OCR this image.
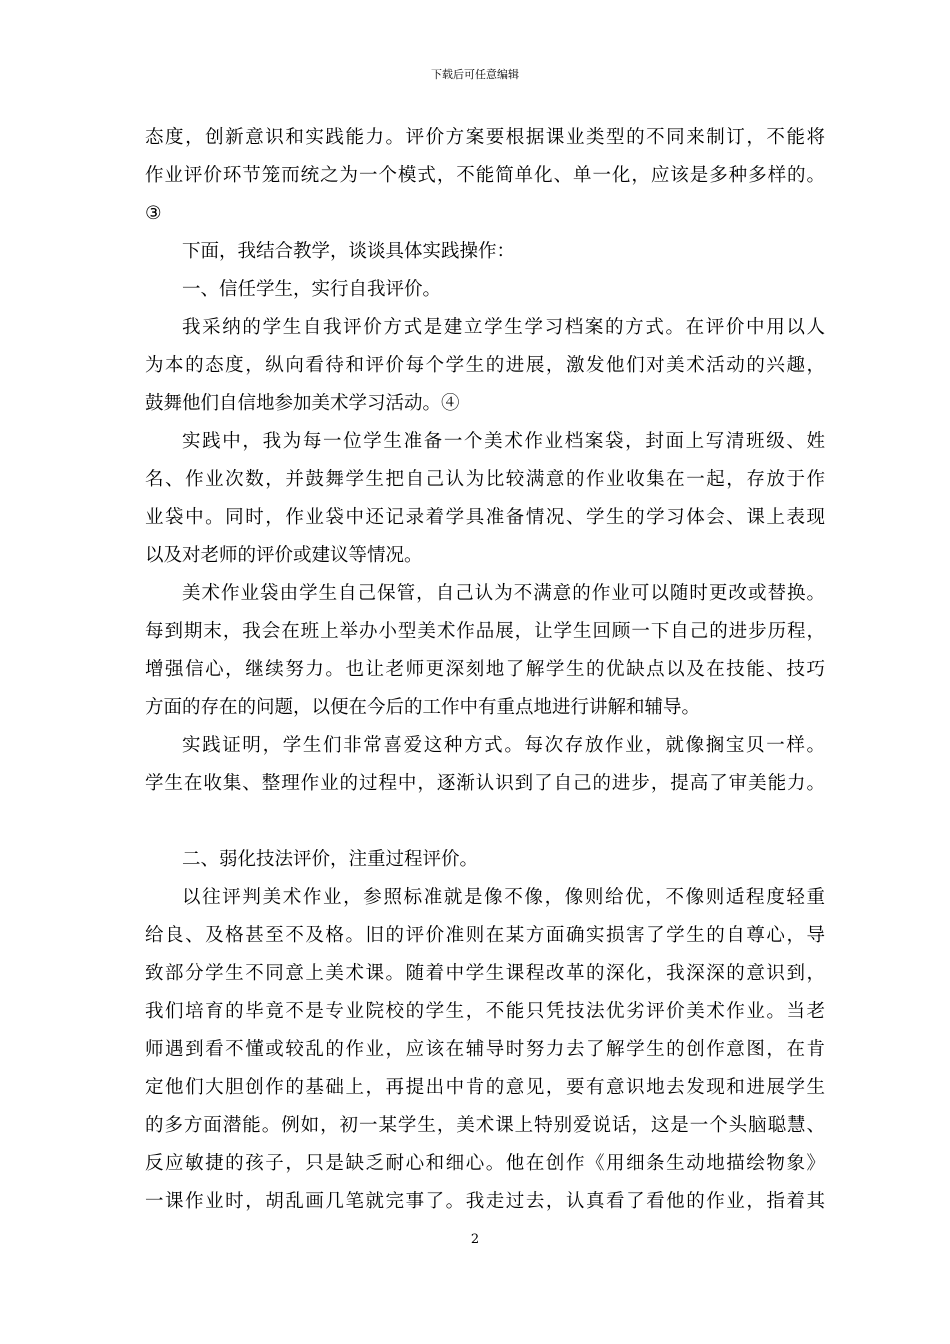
下载后可任意编辑
态度，创新意识和实践能力。评价方案要根据课业类型的不同来制订，不能将
作业评价环节笼而统之为一个模式，不能简单化、单一化，应该是多种多样的。
③
下面，我结合教学，谈谈具体实践操作：
一、信任学生，实行自我评价。
我采纳的学生自我评价方式是建立学生学习档案的方式。在评价中用以人
为本的态度，纵向看待和评价每个学生的进展，激发他们对美术活动的兴趣，
鼓舞他们自信地参加美术学习活动。④
实践中，我为每一位学生准备一个美术作业档案袋，封面上写清班级、姓
名、作业次数，并鼓舞学生把自己认为比较满意的作业收集在一起，存放于作
业袋中。同时，作业袋中还记录着学具准备情况、学生的学习体会、课上表现
以及对老师的评价或建议等情况。
美术作业袋由学生自己保管，自己认为不满意的作业可以随时更改或替换。
每到期末，我会在班上举办小型美术作品展，让学生回顾一下自己的进步历程，
增强信心，继续努力。也让老师更深刻地了解学生的优缺点以及在技能、技巧
方面的存在的问题，以便在今后的工作中有重点地进行讲解和辅导。
实践证明，学生们非常喜爱这种方式。每次存放作业，就像搁宝贝一样。
学生在收集、整理作业的过程中，逐渐认识到了自己的进步，提高了审美能力。
二、弱化技法评价，注重过程评价。
以往评判美术作业，参照标准就是像不像，像则给优，不像则适程度轻重
给良、及格甚至不及格。旧的评价准则在某方面确实损害了学生的自尊心，导
致部分学生不同意上美术课。随着中学生课程改革的深化，我深深的意识到，
我们培育的毕竟不是专业院校的学生，不能只凭技法优劣评价美术作业。当老
师遇到看不懂或较乱的作业，应该在辅导时努力去了解学生的创作意图，在肯
定他们大胆创作的基础上，再提出中肯的意见，要有意识地去发现和进展学生
的多方面潜能。例如，初一某学生，美术课上特别爱说话，这是一个头脑聪慧、
反应敏捷的孩子，只是缺乏耐心和细心。他在创作《用细条生动地描绘物象》
一课作业时，胡乱画几笔就完事了。我走过去，认真看了看他的作业，指着其
2
